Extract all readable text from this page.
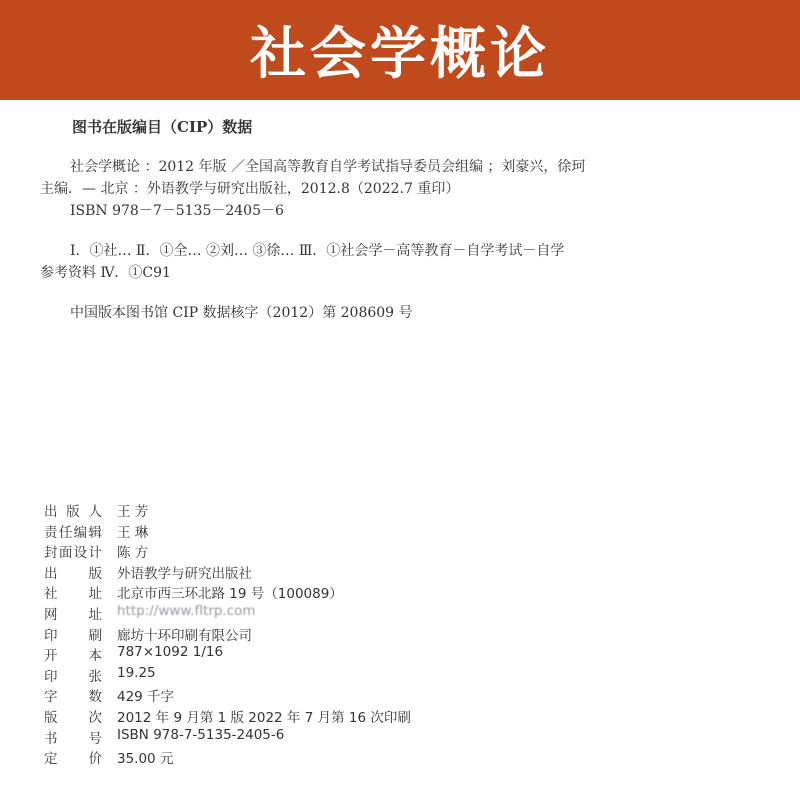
社会学概论
图书在版编目（CIP）数据
社会学概论 ：2012 年版 ／全国高等教育自学考试指导委员会组编 ；刘豪兴，徐珂
主编．— 北京 ：外语教学与研究出版社，2012.8（2022.7 重印）
ISBN 978－7－5135－2405－6
Ⅰ．①社… Ⅱ．①全… ②刘… ③徐… Ⅲ．①社会学－高等教育－自学考试－自学
参考资料 Ⅳ．①C91
中国版本图书馆 CIP 数据核字（2012）第 208609 号
出 版 人 王 芳
责 任 编 辑 王 琳
封 面 设 计 陈 方
出 版 外语教学与研究出版社
社 址 北京市西三环北路 19 号（100089）
网 址 http://www.fltrp.com
印 刷 廊坊十环印刷有限公司
开 本 787×1092 1/16
印 张 19.25
字 数 429 千字
版 次 2012 年 9 月第 1 版 2022 年 7 月第 16 次印刷
书 号 ISBN 978-7-5135-2405-6
定 价 35.00 元
